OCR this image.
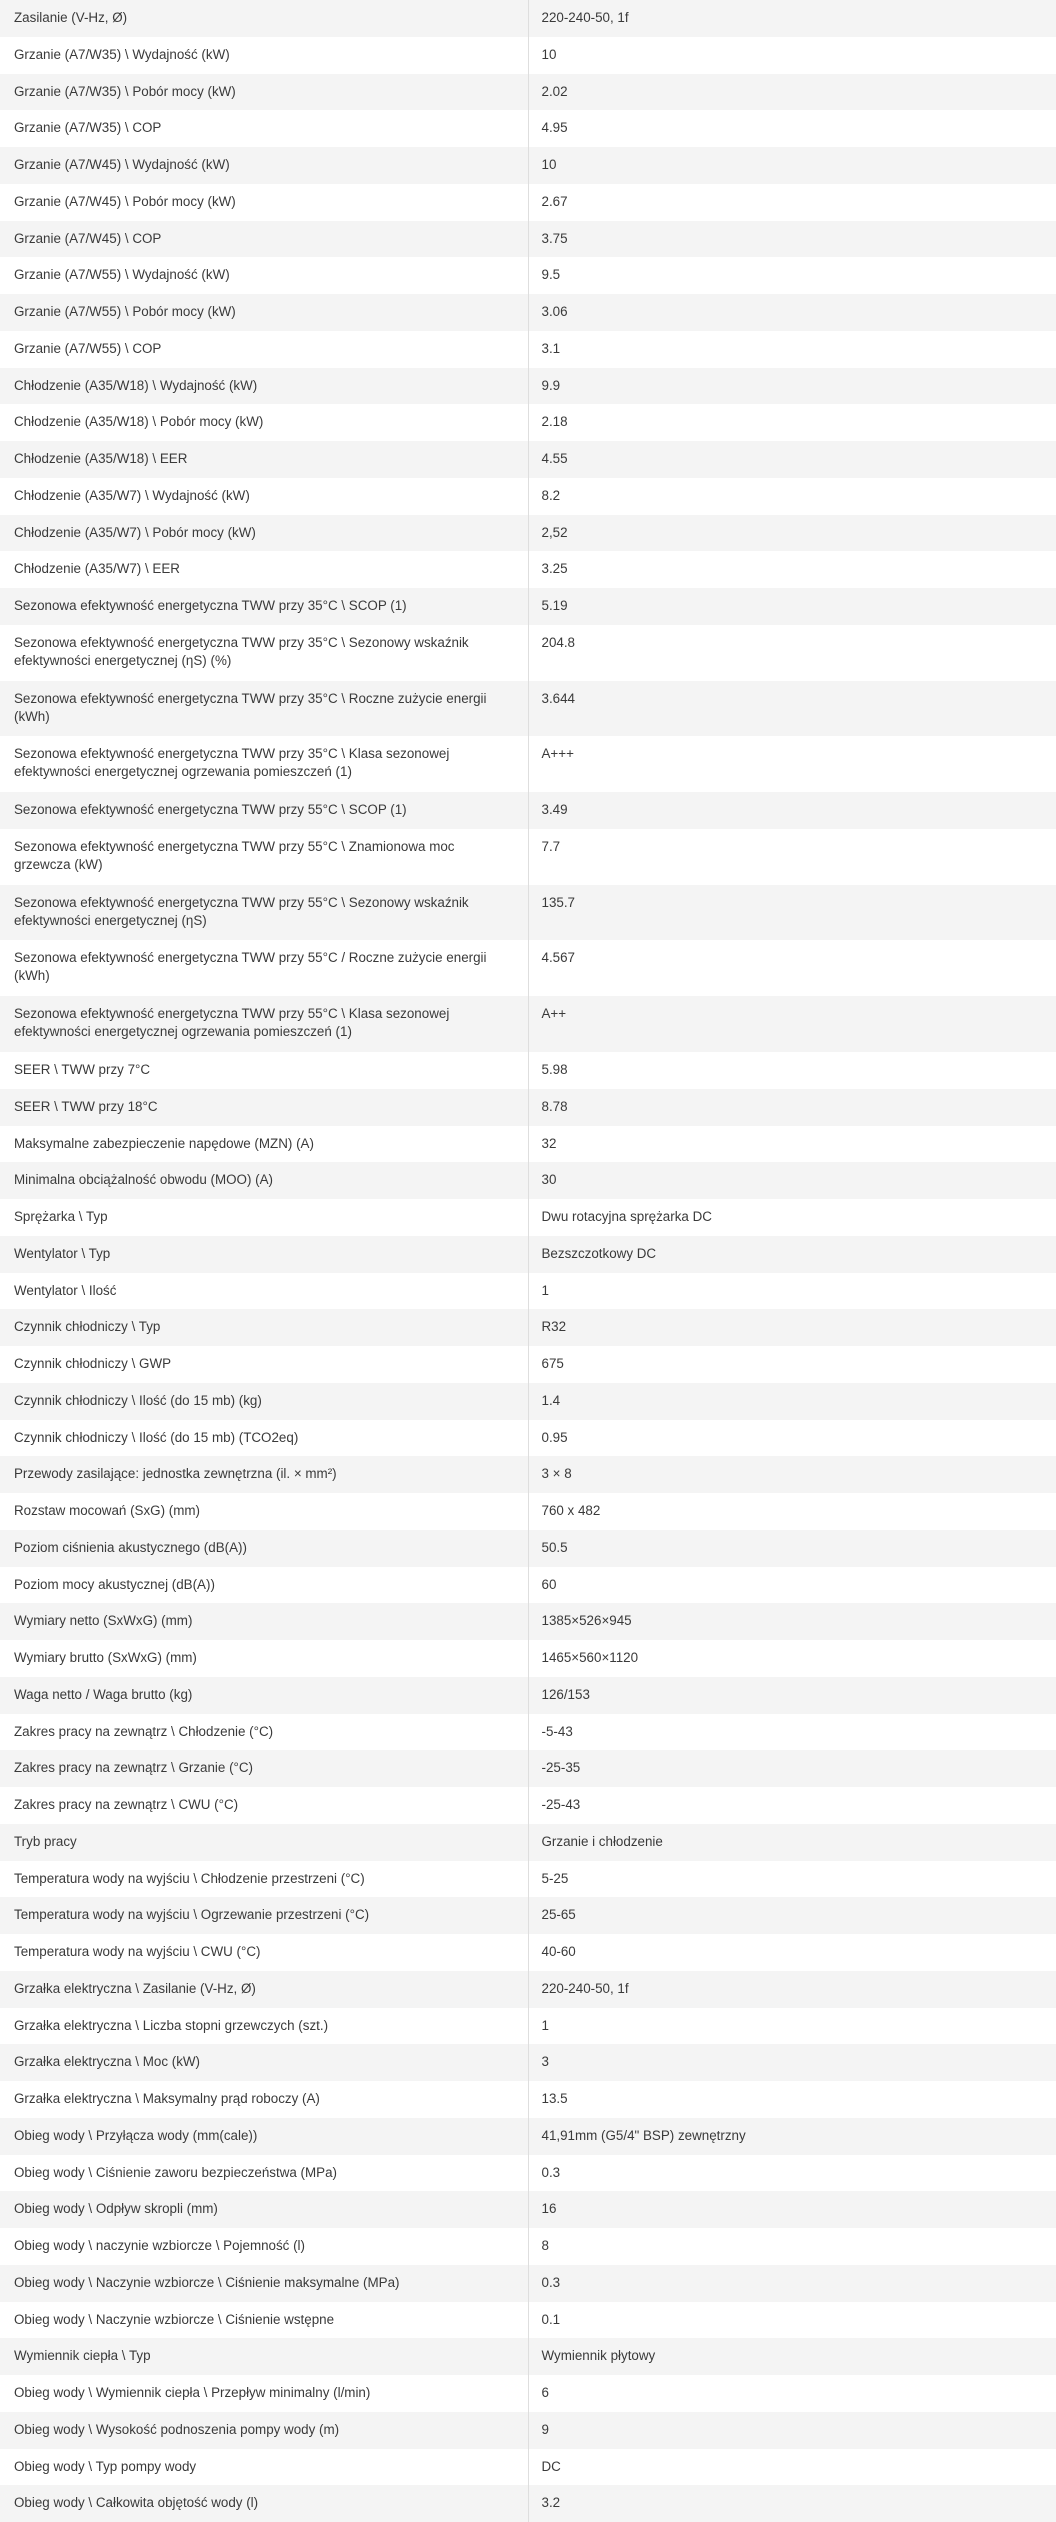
Zasilanie (V-Hz, Ø)	220-240-50, 1f
Grzanie (A7/W35) \ Wydajność (kW)	10
Grzanie (A7/W35) \ Pobór mocy (kW)	2.02
Grzanie (A7/W35) \ COP	4.95
Grzanie (A7/W45) \ Wydajność (kW)	10
Grzanie (A7/W45) \ Pobór mocy (kW)	2.67
Grzanie (A7/W45) \ COP	3.75
Grzanie (A7/W55) \ Wydajność (kW)	9.5
Grzanie (A7/W55) \ Pobór mocy (kW)	3.06
Grzanie (A7/W55) \ COP	3.1
Chłodzenie (A35/W18) \ Wydajność (kW)	9.9
Chłodzenie (A35/W18) \ Pobór mocy (kW)	2.18
Chłodzenie (A35/W18) \ EER	4.55
Chłodzenie (A35/W7) \ Wydajność (kW)	8.2
Chłodzenie (A35/W7) \ Pobór mocy (kW)	2,52
Chłodzenie (A35/W7) \ EER	3.25
Sezonowa efektywność energetyczna TWW przy 35°C \ SCOP (1)	5.19
Sezonowa efektywność energetyczna TWW przy 35°C \ Sezonowy wskaźnik efektywności energetycznej (ηS) (%)	204.8
Sezonowa efektywność energetyczna TWW przy 35°C \ Roczne zużycie energii (kWh)	3.644
Sezonowa efektywność energetyczna TWW przy 35°C \ Klasa sezonowej efektywności energetycznej ogrzewania pomieszczeń (1)	A+++
Sezonowa efektywność energetyczna TWW przy 55°C \ SCOP (1)	3.49
Sezonowa efektywność energetyczna TWW przy 55°C \ Znamionowa moc grzewcza (kW)	7.7
Sezonowa efektywność energetyczna TWW przy 55°C \ Sezonowy wskaźnik efektywności energetycznej (ηS)	135.7
Sezonowa efektywność energetyczna TWW przy 55°C / Roczne zużycie energii (kWh)	4.567
Sezonowa efektywność energetyczna TWW przy 55°C \ Klasa sezonowej efektywności energetycznej ogrzewania pomieszczeń (1)	A++
SEER \ TWW przy 7°C	5.98
SEER \ TWW przy 18°C	8.78
Maksymalne zabezpieczenie napędowe (MZN) (A)	32
Minimalna obciążalność obwodu (MOO) (A)	30
Sprężarka \ Typ	Dwu rotacyjna sprężarka DC
Wentylator \ Typ	Bezszczotkowy DC
Wentylator \ Ilość	1
Czynnik chłodniczy \ Typ	R32
Czynnik chłodniczy \ GWP	675
Czynnik chłodniczy \ Ilość (do 15 mb) (kg)	1.4
Czynnik chłodniczy \ Ilość (do 15 mb) (TCO2eq)	0.95
Przewody zasilające: jednostka zewnętrzna (il. × mm²)	3 × 8
Rozstaw mocowań (SxG) (mm)	760 x 482
Poziom ciśnienia akustycznego (dB(A))	50.5
Poziom mocy akustycznej (dB(A))	60
Wymiary netto (SxWxG) (mm)	1385×526×945
Wymiary brutto (SxWxG) (mm)	1465×560×1120
Waga netto / Waga brutto (kg)	126/153
Zakres pracy na zewnątrz \ Chłodzenie (°C)	-5-43
Zakres pracy na zewnątrz \ Grzanie (°C)	-25-35
Zakres pracy na zewnątrz \ CWU (°C)	-25-43
Tryb pracy	Grzanie i chłodzenie
Temperatura wody na wyjściu \ Chłodzenie przestrzeni (°C)	5-25
Temperatura wody na wyjściu \ Ogrzewanie przestrzeni (°C)	25-65
Temperatura wody na wyjściu \ CWU (°C)	40-60
Grzałka elektryczna \ Zasilanie (V-Hz, Ø)	220-240-50, 1f
Grzałka elektryczna \ Liczba stopni grzewczych (szt.)	1
Grzałka elektryczna \ Moc (kW)	3
Grzałka elektryczna \ Maksymalny prąd roboczy (A)	13.5
Obieg wody \ Przyłącza wody (mm(cale))	41,91mm (G5/4" BSP) zewnętrzny
Obieg wody \ Ciśnienie zaworu bezpieczeństwa (MPa)	0.3
Obieg wody \ Odpływ skropli (mm)	16
Obieg wody \ naczynie wzbiorcze \ Pojemność (l)	8
Obieg wody \ Naczynie wzbiorcze \ Ciśnienie maksymalne (MPa)	0.3
Obieg wody \ Naczynie wzbiorcze \ Ciśnienie wstępne	0.1
Wymiennik ciepła \ Typ	Wymiennik płytowy
Obieg wody \ Wymiennik ciepła \ Przepływ minimalny (l/min)	6
Obieg wody \ Wysokość podnoszenia pompy wody (m)	9
Obieg wody \ Typ pompy wody	DC
Obieg wody \ Całkowita objętość wody (l)	3.2
